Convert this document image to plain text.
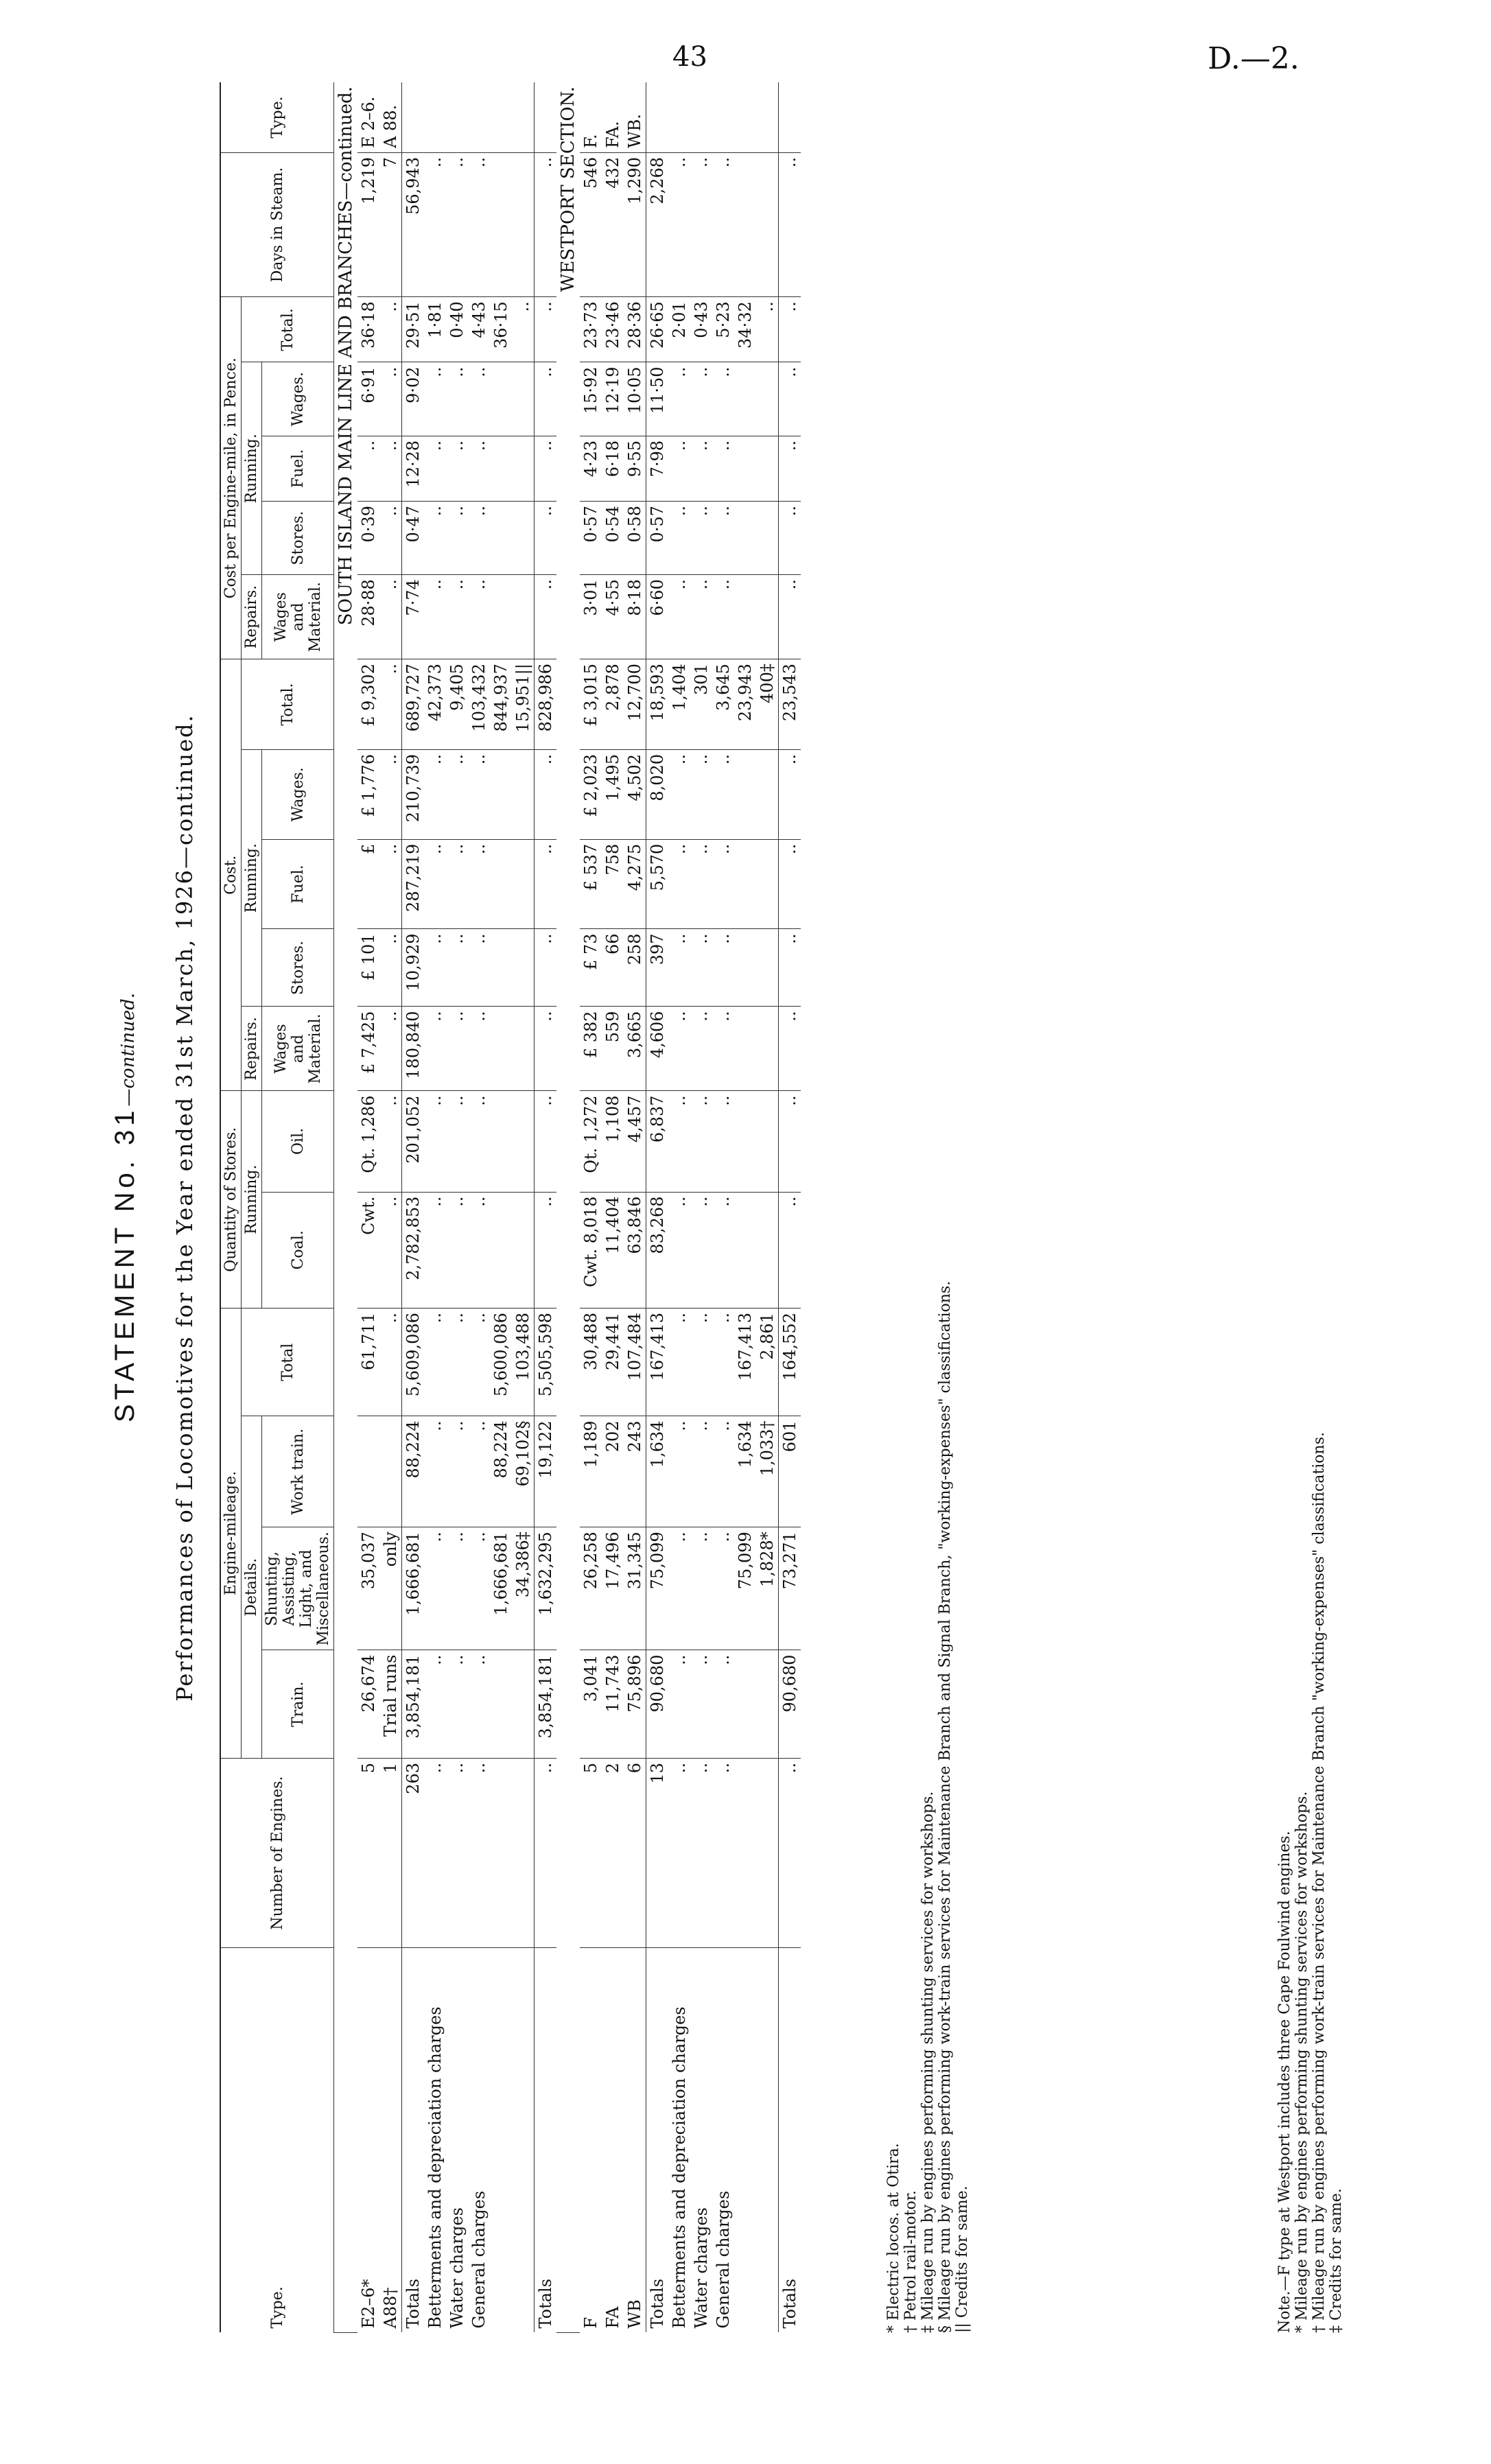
43	D.—2.
STATEMENT No. 31—continued. Performances of Locomotives for the Year ended 31st March, 1926—continued.
Type.	Number of Engines.	Engine-mileage.				Quantity of Stores.		Cost.					Cost per Engine-mile, in Pence.					Days in Steam.	Type.
		Details.			Total	Running.		Repairs.	Running.			Total.	Repairs.	Running.			Total.		
		Train.	Shunting, Assisting, Light, and Miscellaneous.	Work train.		Coal.	Oil.	Wages and Material.	Stores.	Fuel.	Wages.		Wages and Material.	Stores.	Fuel.	Wages.			

SOUTH ISLAND MAIN LINE AND BRANCHES—continued.																			
E2–6*	5	26,674	35,037		61,711	Cwt.	Qt. 1,286	£ 7,425	£ 101	£	£ 1,776	£ 9,302	28·88	0·39	..	6·91	36·18	1,219	E 2–6.
A88†	1	Trial runs	only		..	..	..	..	..	..	..	..	..	..	..	..	..	7	A 88.
Totals	263	3,854,181	1,666,681	88,224	5,609,086	2,782,853	201,052	180,840	10,929	287,219	210,739	689,727	7·74	0·47	12·28	9·02	29·51	56,943	
Betterments and depreciation charges	..	..	..	..	..	..	..	..	..	..	..	42,373	..	..	..	..	1·81	..	
Water charges	..	..	..	..	..	..	..	..	..	..	..	9,405	..	..	..	..	0·40	..	
General charges	..	..	..	..	..	..	..	..	..	..	..	103,432	..	..	..	..	4·43	..	
			1,666,681	88,224	5,600,086							844,937					36·15		
			34,386‡	69,102§	103,488							15,951||					..		
Totals	..	3,854,181	1,632,295	19,122	5,505,598	..	..	..	..	..	..	828,986	..	..	..	..	..	..	
WESTPORT SECTION.																			
F	5	3,041	26,258	1,189	30,488	Cwt. 8,018	Qt. 1,272	£ 382	£ 73	£ 537	£ 2,023	£ 3,015	3·01	0·57	4·23	15·92	23·73	546	F.
FA	2	11,743	17,496	202	29,441	11,404	1,108	559	66	758	1,495	2,878	4·55	0·54	6·18	12·19	23·46	432	FA.
WB	6	75,896	31,345	243	107,484	63,846	4,457	3,665	258	4,275	4,502	12,700	8·18	0·58	9·55	10·05	28·36	1,290	WB.
Totals	13	90,680	75,099	1,634	167,413	83,268	6,837	4,606	397	5,570	8,020	18,593	6·60	0·57	7·98	11·50	26·65	2,268	
Betterments and depreciation charges	..	..	..	..	..	..	..	..	..	..	..	1,404	..	..	..	..	2·01	..	
Water charges	..	..	..	..	..	..	..	..	..	..	..	301	..	..	..	..	0·43	..	
General charges	..	..	..	..	..	..	..	..	..	..	..	3,645	..	..	..	..	5·23	..	
			75,099	1,634	167,413							23,943					34·32		
			1,828*	1,033†	2,861							400‡					..		
Totals	..	90,680	73,271	601	164,552	..	..	..	..	..	..	23,543	..	..	..	..	..	..	
* Electric locos. at Otira. † Petrol rail-motor. ‡ Mileage run by engines performing shunting services for workshops. § Mileage run by engines performing work-train services for Maintenance Branch and Signal Branch, "working-expenses" classifications. || Credits for same.	Note.—F type at Westport includes three Cape Foulwind engines. * Mileage run by engines performing shunting services for workshops. † Mileage run by engines performing work-train services for Maintenance Branch "working-expenses" classifications. ‡ Credits for same.
